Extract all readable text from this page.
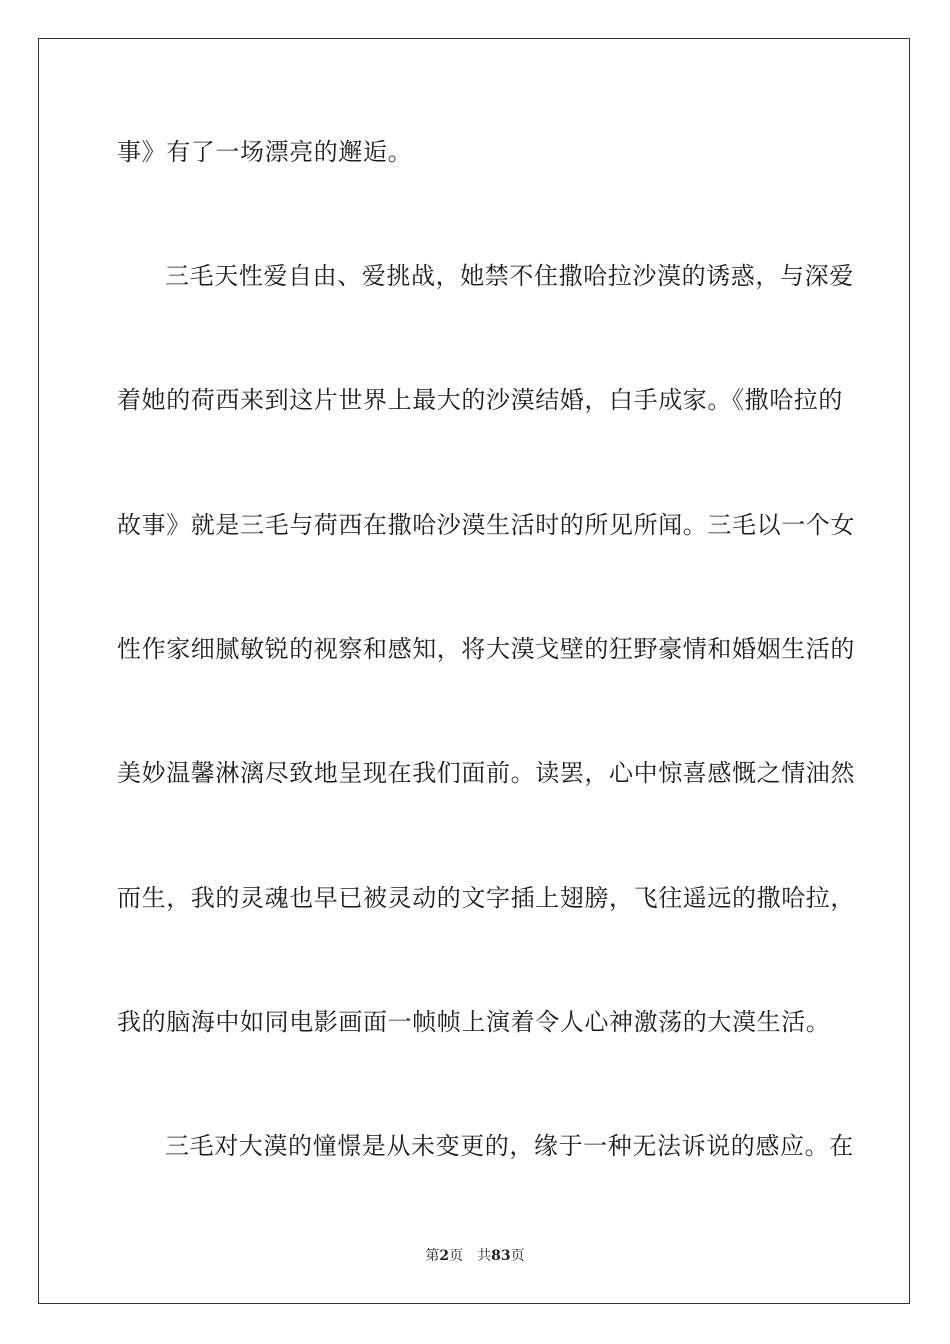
事》有了一场漂亮的邂逅。

三毛天性爱自由、爱挑战，她禁不住撒哈拉沙漠的诱惑，与深爱

着她的荷西来到这片世界上最大的沙漠结婚，白手成家。《撒哈拉的

故事》就是三毛与荷西在撒哈沙漠生活时的所见所闻。三毛以一个女

性作家细腻敏锐的视察和感知，将大漠戈壁的狂野豪情和婚姻生活的

美妙温馨淋漓尽致地呈现在我们面前。读罢，心中惊喜感慨之情油然

而生，我的灵魂也早已被灵动的文字插上翅膀，飞往遥远的撒哈拉，

我的脑海中如同电影画面一帧帧上演着令人心神激荡的大漠生活。

三毛对大漠的憧憬是从未变更的，缘于一种无法诉说的感应。在

第2页 共83页
